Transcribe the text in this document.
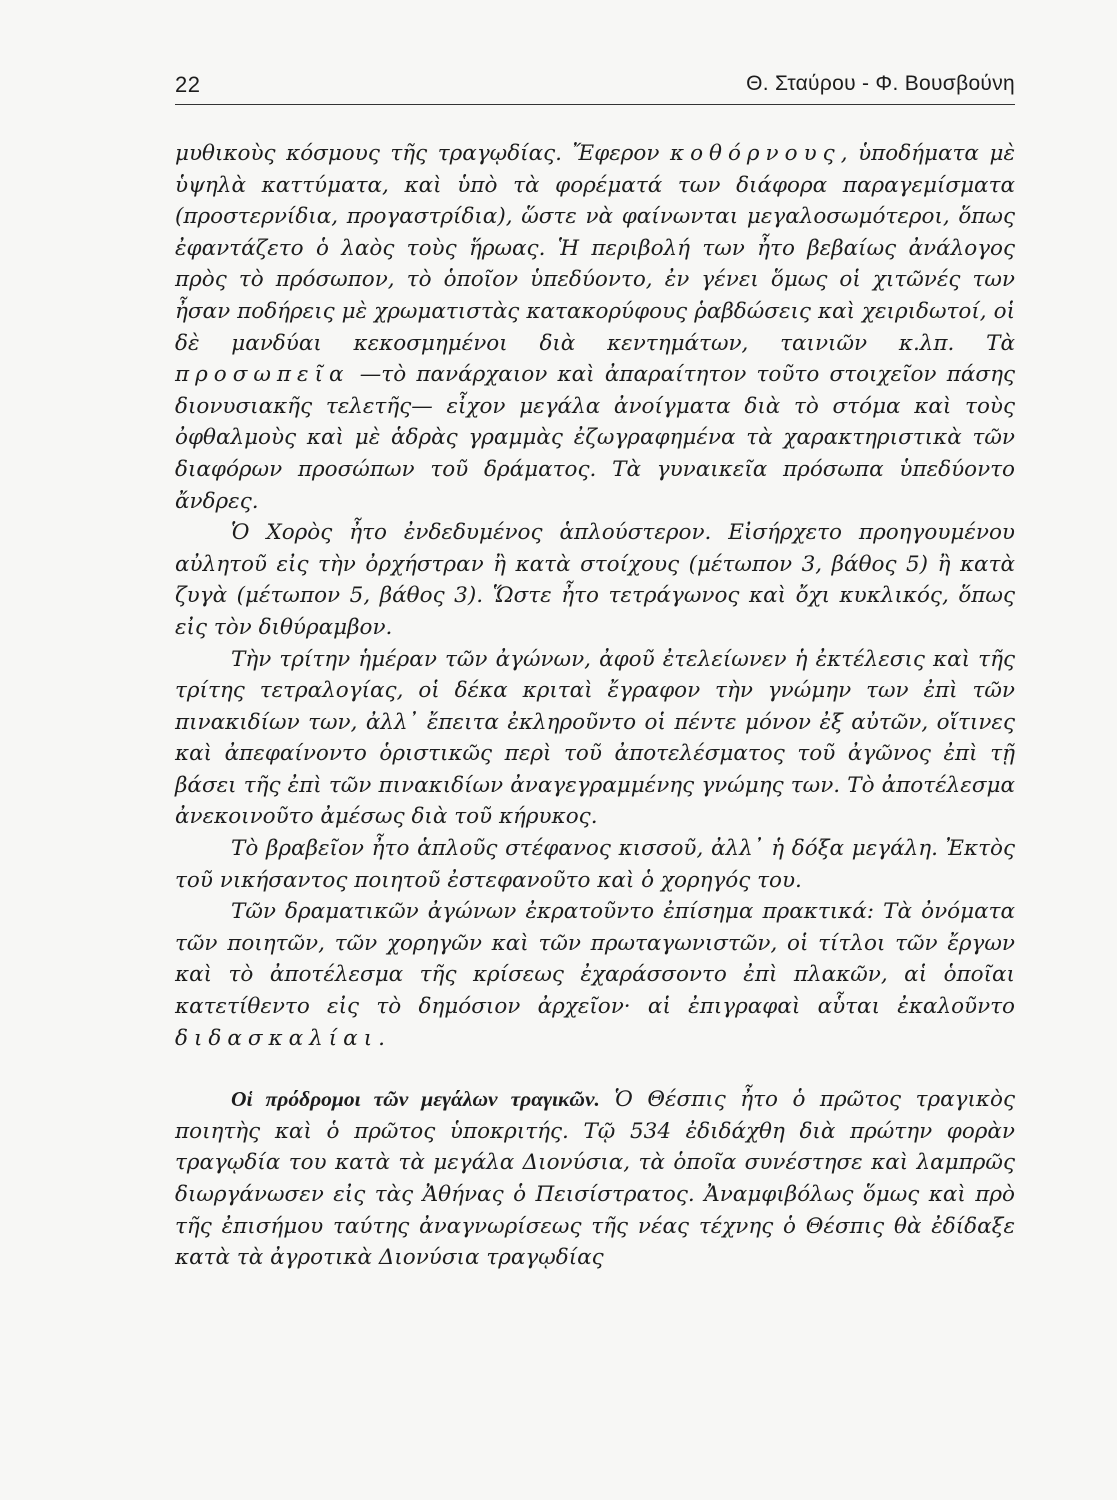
22	Θ. Σταύρου - Φ. Βουσβούνη

μυθικοὺς κόσμους τῆς τραγῳδίας. Ἔφερον κοθόρνους, ὑποδήματα μὲ ὑψηλὰ καττύματα, καὶ ὑπὸ τὰ φορέματά των διάφορα παραγεμίσματα (προστερνίδια, προγαστρίδια), ὥστε νὰ φαίνωνται μεγαλοσωμότεροι, ὅπως ἐφαντάζετο ὁ λαὸς τοὺς ἥρωας. Ἡ περιβολή των ἦτο βεβαίως ἀνάλογος πρὸς τὸ πρόσωπον, τὸ ὁποῖον ὑπεδύοντο, ἐν γένει ὅμως οἱ χιτῶνές των ἦσαν ποδήρεις μὲ χρωματιστὰς κατακορύφους ῥαβδώσεις καὶ χειριδωτοί, οἱ δὲ μανδύαι κεκοσμημένοι διὰ κεντημάτων, ταινιῶν κ.λπ. Τὰ προσωπεῖα —τὸ πανάρχαιον καὶ ἀπαραίτητον τοῦτο στοιχεῖον πάσης διονυσιακῆς τελετῆς— εἶχον μεγάλα ἀνοίγματα διὰ τὸ στόμα καὶ τοὺς ὀφθαλμοὺς καὶ μὲ ἁδρὰς γραμμὰς ἐζωγραφημένα τὰ χαρακτηριστικὰ τῶν διαφόρων προσώπων τοῦ δράματος. Τὰ γυναικεῖα πρόσωπα ὑπεδύοντο ἄνδρες.

Ὁ Χορὸς ἦτο ἐνδεδυμένος ἁπλούστερον. Εἰσήρχετο προηγουμένου αὐλητοῦ εἰς τὴν ὀρχήστραν ἢ κατὰ στοίχους (μέτωπον 3, βάθος 5) ἢ κατὰ ζυγὰ (μέτωπον 5, βάθος 3). Ὥστε ἦτο τετράγωνος καὶ ὄχι κυκλικός, ὅπως εἰς τὸν διθύραμβον.

Τὴν τρίτην ἡμέραν τῶν ἀγώνων, ἀφοῦ ἐτελείωνεν ἡ ἐκτέλεσις καὶ τῆς τρίτης τετραλογίας, οἱ δέκα κριταὶ ἔγραφον τὴν γνώμην των ἐπὶ τῶν πινακιδίων των, ἀλλ᾽ ἔπειτα ἐκληροῦντο οἱ πέντε μόνον ἐξ αὐτῶν, οἵτινες καὶ ἀπεφαίνοντο ὁριστικῶς περὶ τοῦ ἀποτελέσματος τοῦ ἀγῶνος ἐπὶ τῇ βάσει τῆς ἐπὶ τῶν πινακιδίων ἀναγεγραμμένης γνώμης των. Τὸ ἀποτέλεσμα ἀνεκοινοῦτο ἀμέσως διὰ τοῦ κήρυκος.

Τὸ βραβεῖον ἦτο ἁπλοῦς στέφανος κισσοῦ, ἀλλ᾽ ἡ δόξα μεγάλη. Ἐκτὸς τοῦ νικήσαντος ποιητοῦ ἐστεφανοῦτο καὶ ὁ χορηγός του.

Τῶν δραματικῶν ἀγώνων ἐκρατοῦντο ἐπίσημα πρακτικά: Τὰ ὀνόματα τῶν ποιητῶν, τῶν χορηγῶν καὶ τῶν πρωταγωνιστῶν, οἱ τίτλοι τῶν ἔργων καὶ τὸ ἀποτέλεσμα τῆς κρίσεως ἐχαράσσοντο ἐπὶ πλακῶν, αἱ ὁποῖαι κατετίθεντο εἰς τὸ δημόσιον ἀρχεῖον· αἱ ἐπιγραφαὶ αὗται ἐκαλοῦντο διδασκαλίαι.

Οἱ πρόδρομοι τῶν μεγάλων τραγικῶν. Ὁ Θέσπις ἦτο ὁ πρῶτος τραγικὸς ποιητὴς καὶ ὁ πρῶτος ὑποκριτής. Τῷ 534 ἐδιδάχθη διὰ πρώτην φορὰν τραγῳδία του κατὰ τὰ μεγάλα Διονύσια, τὰ ὁποῖα συνέστησε καὶ λαμπρῶς διωργάνωσεν εἰς τὰς Ἀθήνας ὁ Πεισίστρατος. Ἀναμφιβόλως ὅμως καὶ πρὸ τῆς ἐπισήμου ταύτης ἀναγνωρίσεως τῆς νέας τέχνης ὁ Θέσπις θὰ ἐδίδαξε κατὰ τὰ ἀγροτικὰ Διονύσια τραγῳδίας
